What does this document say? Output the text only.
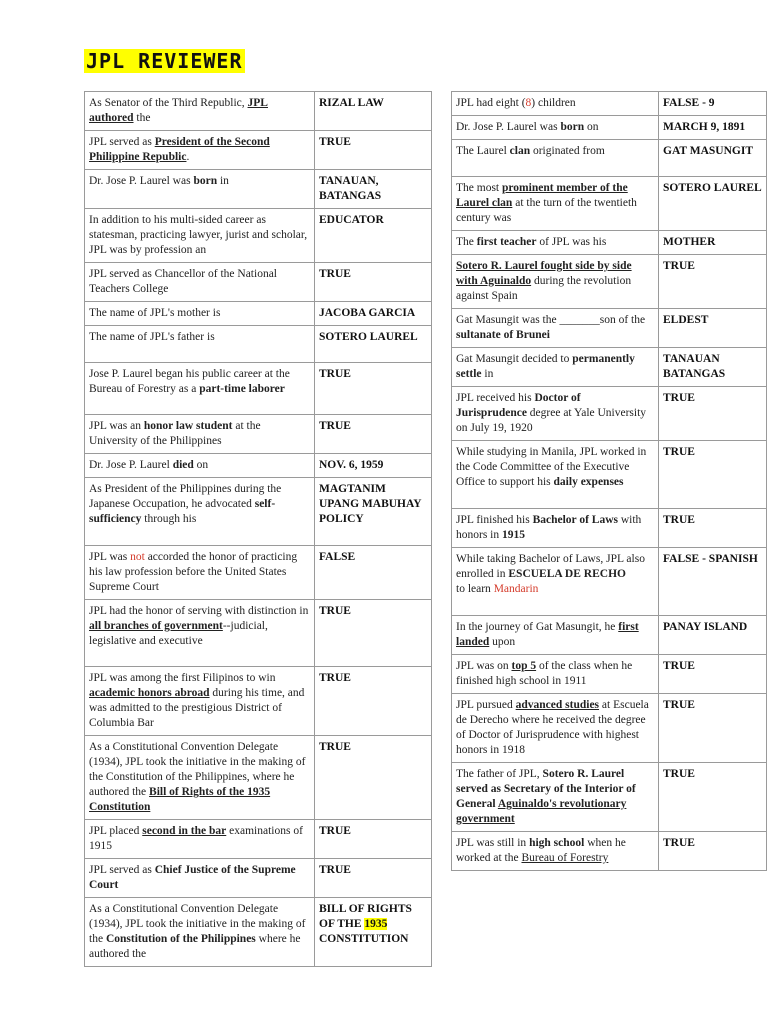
JPL REVIEWER
As Senator of the Third Republic, JPL authored the	RIZAL LAW
JPL served as President of the Second Philippine Republic.	TRUE
Dr. Jose P. Laurel was born in	TANAUAN, BATANGAS
In addition to his multi-sided career as statesman, practicing lawyer, jurist and scholar, JPL was by profession an	EDUCATOR
JPL served as Chancellor of the National Teachers College	TRUE
The name of JPL's mother is	JACOBA GARCIA
The name of JPL's father is	SOTERO LAUREL
Jose P. Laurel began his public career at the Bureau of Forestry as a part-time laborer	TRUE
JPL was an honor law student at the University of the Philippines	TRUE
Dr. Jose P. Laurel died on	NOV. 6, 1959
As President of the Philippines during the Japanese Occupation, he advocated self-sufficiency through his	MAGTANIM UPANG MABUHAY POLICY
JPL was not accorded the honor of practicing his law profession before the United States Supreme Court	FALSE
JPL had the honor of serving with distinction in all branches of government--judicial, legislative and executive	TRUE
JPL was among the first Filipinos to win academic honors abroad during his time, and was admitted to the prestigious District of Columbia Bar	TRUE
As a Constitutional Convention Delegate (1934), JPL took the initiative in the making of the Constitution of the Philippines, where he authored the Bill of Rights of the 1935 Constitution	TRUE
JPL placed second in the bar examinations of 1915	TRUE
JPL served as Chief Justice of the Supreme Court	TRUE
As a Constitutional Convention Delegate (1934), JPL took the initiative in the making of the Constitution of the Philippines where he authored the	BILL OF RIGHTS OF THE 1935 CONSTITUTION
JPL had eight (8) children	FALSE - 9
Dr. Jose P. Laurel was born on	MARCH 9, 1891
The Laurel clan originated from	GAT MASUNGIT
The most prominent member of the Laurel clan at the turn of the twentieth century was	SOTERO LAUREL
The first teacher of JPL was his	MOTHER
Sotero R. Laurel fought side by side with Aguinaldo during the revolution against Spain	TRUE
Gat Masungit was the _______son of the sultanate of Brunei	ELDEST
Gat Masungit decided to permanently settle in	TANAUAN BATANGAS
JPL received his Doctor of Jurisprudence degree at Yale University on July 19, 1920	TRUE
While studying in Manila, JPL worked in the Code Committee of the Executive Office to support his daily expenses	TRUE
JPL finished his Bachelor of Laws with honors in 1915	TRUE
While taking Bachelor of Laws, JPL also enrolled in ESCUELA DE RECHO
to learn Mandarin	FALSE - SPANISH
In the journey of Gat Masungit, he first landed upon	PANAY ISLAND
JPL was on top 5 of the class when he finished high school in 1911	TRUE
JPL pursued advanced studies at Escuela de Derecho where he received the degree of Doctor of Jurisprudence with highest honors in 1918	TRUE
The father of JPL, Sotero R. Laurel served as Secretary of the Interior of General Aguinaldo's revolutionary government	TRUE
JPL was still in high school when he worked at the Bureau of Forestry	TRUE
